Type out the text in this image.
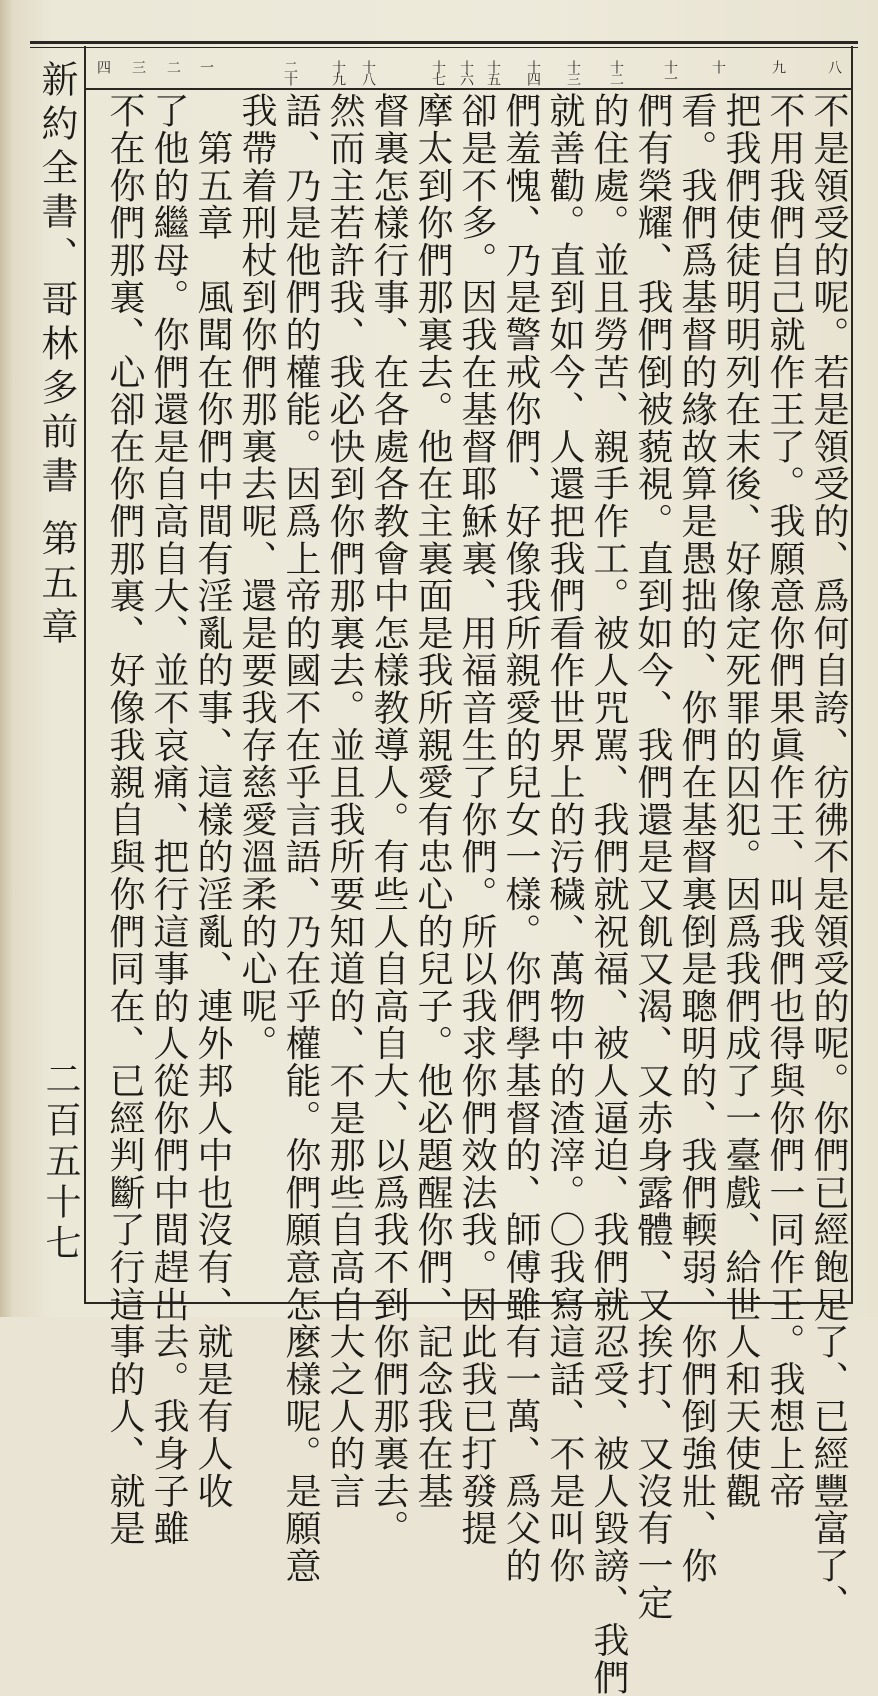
新約全書、哥林多前書 第五章
二百五十七
八
九
十
十一
十二
十三
十四
十五
十六
十七
十八
十九
二十
一
二
三
四
不是領受的呢。若是領受的、爲何自誇、彷彿不是領受的呢。你們已經飽足了、已經豐富了、
不用我們自己就作王了。我願意你們果眞作王、叫我們也得與你們一同作王。我想上帝
把我們使徒明明列在末後、好像定死罪的囚犯。因爲我們成了一臺戲、給世人和天使觀
看。我們爲基督的緣故算是愚拙的、你們在基督裏倒是聰明的、我們輭弱、你們倒強壯、你
們有榮耀、我們倒被藐視。直到如今、我們還是又飢又渴、又赤身露體、又挨打、又沒有一定
的住處。並且勞苦、親手作工。被人咒駡、我們就祝福、被人逼迫、我們就忍受、被人毀謗、我們
就善勸。直到如今、人還把我們看作世界上的污穢、萬物中的渣滓。〇我寫這話、不是叫你
們羞愧、乃是警戒你們、好像我所親愛的兒女一樣。你們學基督的、師傅雖有一萬、爲父的
卻是不多。因我在基督耶穌裏、用福音生了你們。所以我求你們效法我。因此我已打發提
摩太到你們那裏去。他在主裏面是我所親愛有忠心的兒子。他必題醒你們、記念我在基
督裏怎樣行事、在各處各教會中怎樣教導人。有些人自高自大、以爲我不到你們那裏去。
然而主若許我、我必快到你們那裏去。並且我所要知道的、不是那些自高自大之人的言
語、乃是他們的權能。因爲上帝的國不在乎言語、乃在乎權能。你們願意怎麼樣呢。是願意
我帶着刑杖到你們那裏去呢、還是要我存慈愛溫柔的心呢。
　第五章　風聞在你們中間有淫亂的事、這樣的淫亂、連外邦人中也沒有、就是有人收
了他的繼母。你們還是自高自大、並不哀痛、把行這事的人從你們中間趕出去。我身子雖
不在你們那裏、心卻在你們那裏、好像我親自與你們同在、已經判斷了行這事的人、就是
